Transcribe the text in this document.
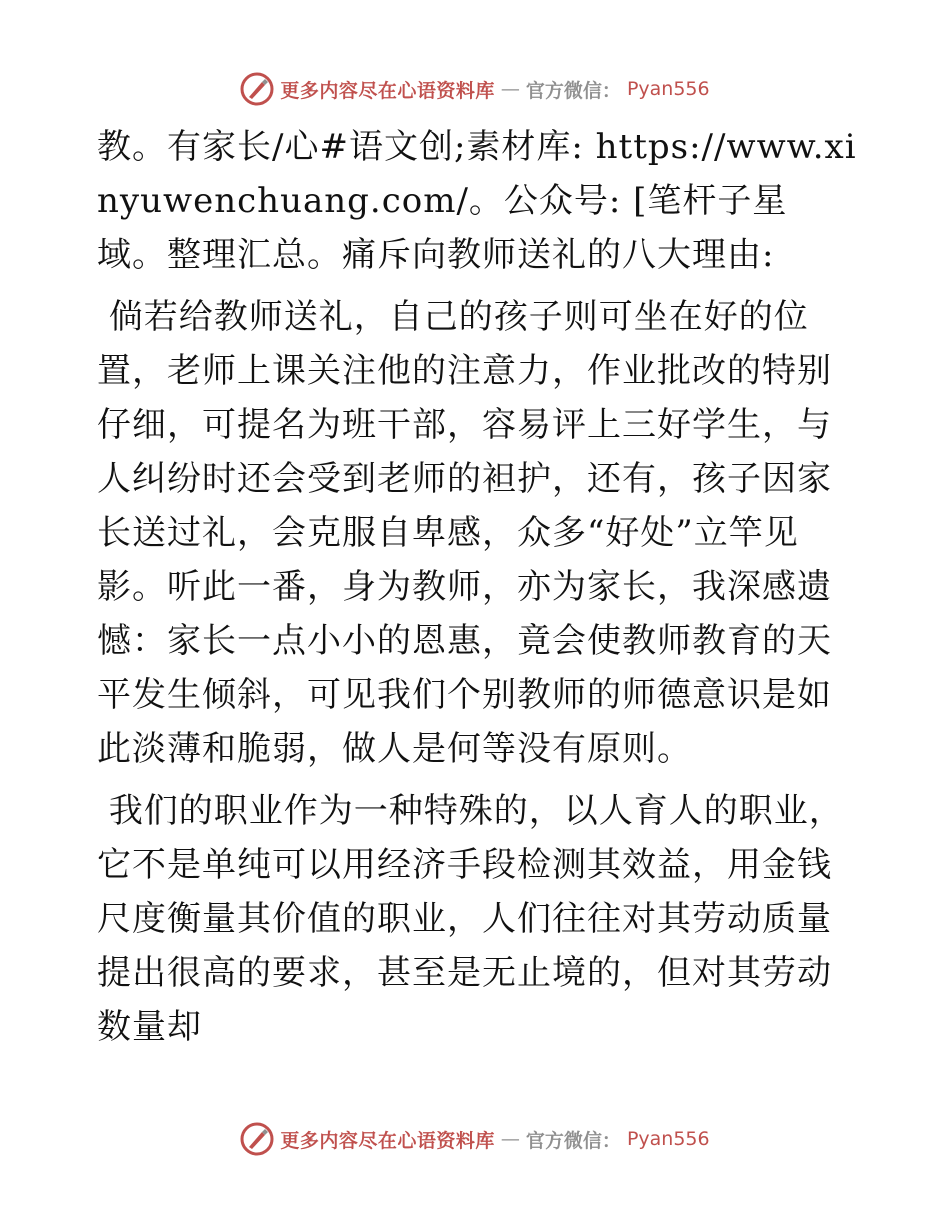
更多内容尽在心语资料库 — 官方微信： Pyan556

教。有家长/心#语文创;素材库: https://www.xinyuwenchuang.com/。公众号: [笔杆子星域。整理汇总。痛斥向教师送礼的八大理由:

倘若给教师送礼，自己的孩子则可坐在好的位置，老师上课关注他的注意力，作业批改的特别仔细，可提名为班干部，容易评上三好学生，与人纠纷时还会受到老师的袒护，还有，孩子因家长送过礼，会克服自卑感，众多“好处”立竿见影。听此一番，身为教师，亦为家长，我深感遗憾：家长一点小小的恩惠，竟会使教师教育的天平发生倾斜，可见我们个别教师的师德意识是如此淡薄和脆弱，做人是何等没有原则。

我们的职业作为一种特殊的，以人育人的职业，它不是单纯可以用经济手段检测其效益，用金钱尺度衡量其价值的职业，人们往往对其劳动质量提出很高的要求，甚至是无止境的，但对其劳动数量却

更多内容尽在心语资料库 — 官方微信： Pyan556
